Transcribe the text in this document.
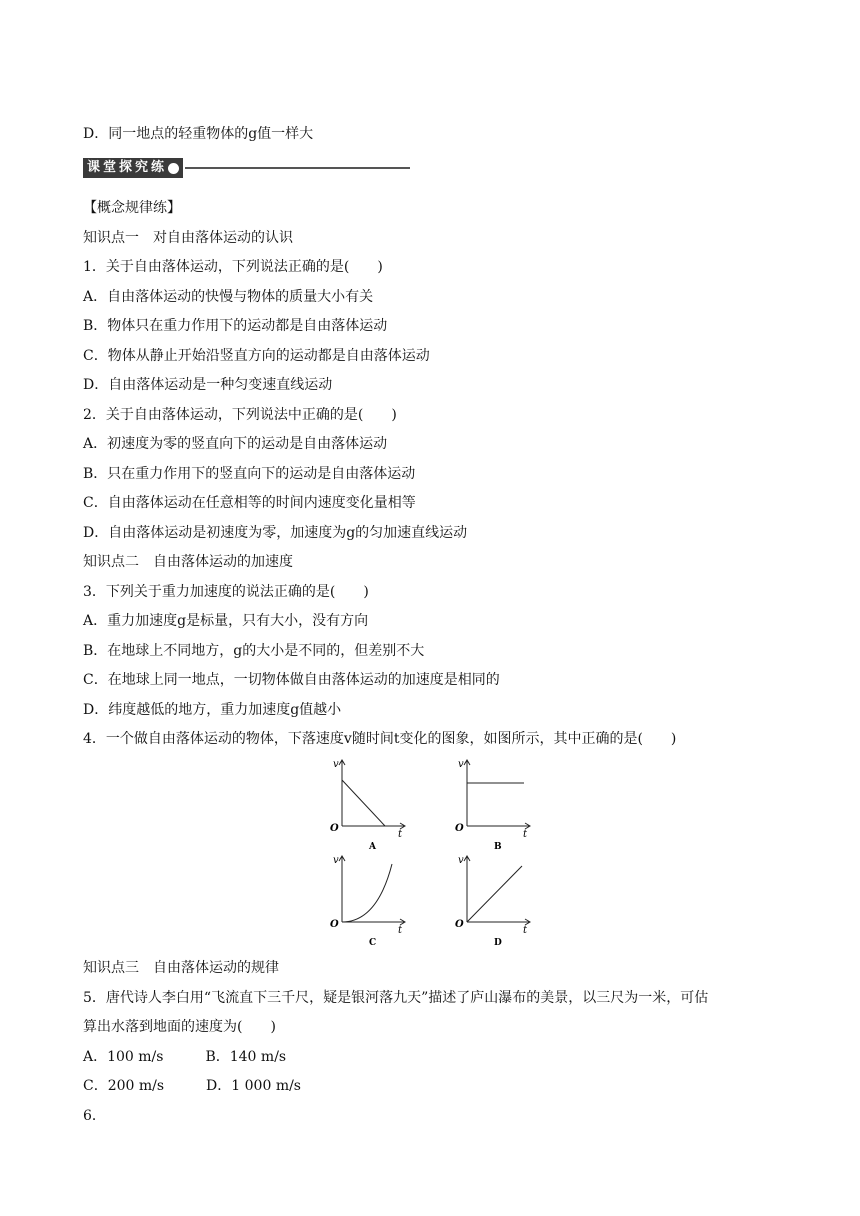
D．同一地点的轻重物体的g值一样大
课堂探究练
【概念规律练】
知识点一　对自由落体运动的认识
1．关于自由落体运动，下列说法正确的是(　　)
A．自由落体运动的快慢与物体的质量大小有关
B．物体只在重力作用下的运动都是自由落体运动
C．物体从静止开始沿竖直方向的运动都是自由落体运动
D．自由落体运动是一种匀变速直线运动
2．关于自由落体运动，下列说法中正确的是(　　)
A．初速度为零的竖直向下的运动是自由落体运动
B．只在重力作用下的竖直向下的运动是自由落体运动
C．自由落体运动在任意相等的时间内速度变化量相等
D．自由落体运动是初速度为零，加速度为g的匀加速直线运动
知识点二　自由落体运动的加速度
3．下列关于重力加速度的说法正确的是(　　)
A．重力加速度g是标量，只有大小，没有方向
B．在地球上不同地方，g的大小是不同的，但差别不大
C．在地球上同一地点，一切物体做自由落体运动的加速度是相同的
D．纬度越低的地方，重力加速度g值越小
4．一个做自由落体运动的物体，下落速度v随时间t变化的图象，如图所示，其中正确的是(　　)
v
t
O
A
v
t
O
B
v
t
O
C
v
t
O
D
知识点三　自由落体运动的规律
5．唐代诗人李白用“飞流直下三千尺，疑是银河落九天”描述了庐山瀑布的美景，以三尺为一米，可估
算出水落到地面的速度为(　　)
A．100 m/s　　　B．140 m/s
C．200 m/s　　　D．1 000 m/s
6．
